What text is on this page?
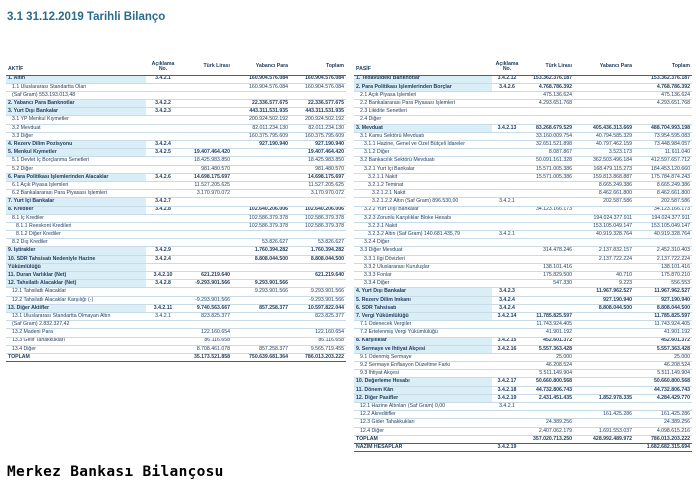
3.1 31.12.2019 Tarihli Bilanço
AKTİF	Açıklama No.	Türk Lirası	Yabancı Para	Toplam
1. Altın	3.4.2.1		160.904.576.084	160.904.576.084
1.1 Uluslararası Standartta Olan			160.904.576.084	160.904.576.084
(Saf Gram) 553.193.013,48				
2. Yabancı Para Banknotlar	3.4.2.2		22.336.577.675	22.336.577.675
3. Yurt Dışı Bankalar	3.4.2.3		443.311.531.935	443.311.531.935
3.1 YP Menkul Kıymetler			200.924.502.192	200.924.502.192
3.2 Mevduat			82.011.234.130	82.011.234.130
3.3 Diğer			160.375.795.609	160.375.795.609
4. Rezerv Dilim Pozisyonu	3.4.2.4		927.190.940	927.190.940
5. Menkul Kıymetler	3.4.2.5	19.407.464.420		19.407.464.420
5.1 Devlet İç Borçlanma Senetleri		18.425.983.850		18.425.983.850
5.2 Diğer		981.480.570		981.480.570
6. Para Politikası İşlemlerinden Alacaklar	3.4.2.6	14.698.175.697		14.698.175.697
6.1 Açık Piyasa İşlemleri		11.527.205.625		11.527.205.625
6.2 Bankalararası Para Piyasası İşlemleri		3.170.970.072		3.170.970.072
7. Yurt İçi Bankalar	3.4.2.7			
8. Krediler	3.4.2.8		102.640.206.006	102.640.206.006
8.1 İç Krediler			102.586.379.378	102.586.379.378
8.1.1 Reeskont Kredileri			102.586.379.378	102.586.379.378
8.1.2 Diğer Krediler				
8.2 Dış Krediler			53.826.627	53.826.627
9. İştirakler	3.4.2.9		1.760.394.282	1.760.394.282
10. SDR Tahsisatı Nedeniyle Hazine	3.4.2.4		8.808.044.500	8.808.044.500
Yükümlülüğü				
11. Duran Varlıklar (Net)	3.4.2.10	621.219.640		621.219.640
12. Tahsilatlı Alacaklar (Net)	3.4.2.8	-9.293.901.566	9.293.901.566	
12.1 Tahsilatlı Alacaklar			9.293.901.566	9.293.901.566
12.2 Tahsilatlı Alacaklar Karşılığı (-)		-9.293.901.566		-9.293.901.566
13. Diğer Aktifler	3.4.2.11	9.740.563.667	857.258.377	10.597.822.044
13.1 Uluslararası Standartta Olmayan Altın	3.4.2.1	823.825.377		823.825.377
(Saf Gram) 2.832.327,42				
13.2 Madeni Para		122.160.654		122.160.654
13.3 Gelir Tahakkukları		86.116.658		86.116.658
13.4 Diğer		8.708.461.078	857.258.377	9.565.719.455
TOPLAM		35.173.521.858	750.639.681.364	786.013.203.222
PASİF	Açıklama No.	Türk Lirası	Yabancı Para	Toplam
1. Tedavüldeki Banknotlar	3.4.2.12	153.362.376.187		153.362.376.187
2. Para Politikası İşlemlerinden Borçlar	3.4.2.6	4.768.786.392		4.768.786.392
2.1 Açık Piyasa İşlemleri		475.136.624		475.136.624
2.2 Bankalararası Para Piyasası İşlemleri		4.293.651.768		4.293.651.768
2.3 Likidite Senetleri				
2.4 Diğer				
3. Mevduat	3.4.2.13	83.268.679.529	405.436.313.669	488.704.993.198
3.1 Kamu Sektörü Mevduatı		33.160.009.754	40.794.585.329	73.954.595.083
3.1.1 Hazine, Genel ve Özel Bütçeli İdareler		32.651.521.898	40.797.462.159	73.448.984.057
3.1.2 Diğer		8.087.867	3.523.173	11.611.040
3.2 Bankacılık Sektörü Mevduatı		50.091.161.328	362.503.496.184	412.597.657.712
3.2.1 Yurt İçi Bankalar		15.571.005.386	168.479.115.273	184.453.120.660
3.2.1.1 Nakit		15.571.005.386	159.813.868.887	175.784.874.243
3.2.1.2 Teminat			8.665.249.386	8.665.249.386
3.2.1.2.1 Nakit			8.462.661.800	8.462.661.800
3.2.1.2.2 Altın (Saf Gram) 896.530,00	3.4.2.1		202.587.586	202.587.586
3.2.2 Yurt Dışı Bankalar		34.123.166.173		34.123.166.173
3.2.3 Zorunlu Karşılıklar Bloke Hesabı			194.024.377.911	194.024.377.911
3.2.3.1 Nakit			153.105.049.147	153.105.049.147
3.2.3.2 Altın (Saf Gram) 140.681.435,79	3.4.2.1		40.919.328.764	40.919.328.764
3.2.4 Diğer				
3.3 Diğer Mevduat		314.478.246	2.137.832.157	2.452.310.403
3.3.1 İlgi Dövizleri			2.137.722.224	2.137.722.224
3.3.2 Uluslararası Kuruluşlar		138.101.416		138.101.416
3.3.3 Fonlar		175.829.500	40.710	175.870.210
3.3.4 Diğer		547.330	9.223	556.553
4. Yurt Dışı Bankalar	3.4.2.3		11.967.962.527	11.967.962.527
5. Rezerv Dilim İmkanı	3.4.2.4		927.190.940	927.190.940
6. SDR Tahsisatı	3.4.2.4		8.808.044.500	8.808.044.500
7. Vergi Yükümlülüğü	3.4.2.14	11.785.825.597		11.785.825.597
7.1 Ödenecek Vergiler		11.743.924.405		11.743.924.405
7.2 Ertelenmiş Vergi Yükümlülüğü		41.901.192		41.901.192
8. Karşılıklar	3.4.2.15	452.601.372		452.601.372
9. Sermaye ve İhtiyat Akçesi	3.4.2.16	5.557.363.428		5.557.363.428
9.1 Ödenmiş Sermaye		25.000		25.000
9.2 Sermaye Enflasyon Düzeltme Farkı		46.208.524		46.208.524
9.3 İhtiyat Akçesi		5.511.149.904		5.511.149.904
10. Değerleme Hesabı	3.4.2.17	50.660.800.568		50.660.800.568
11. Dönem Kârı	3.4.2.18	44.732.806.743		44.732.806.743
12. Diğer Pasifler	3.4.2.19	2.431.451.435	1.852.978.335	4.284.429.770
12.1 Hazine Altınları (Saf Gram) 0,00	3.4.2.1			
12.2 Akreditifler			161.425.286	161.425.286
12.3 Gider Tahakkukları		24.389.256		24.389.256
12.4 Diğer		2.407.062.179	1.691.553.037	4.098.615.216
TOPLAM		357.020.713.250	428.992.489.972	786.013.203.222
NAZIM HESAPLAR	3.4.2.19			1.682.682.315.694
Merkez Bankası Bilançosu
